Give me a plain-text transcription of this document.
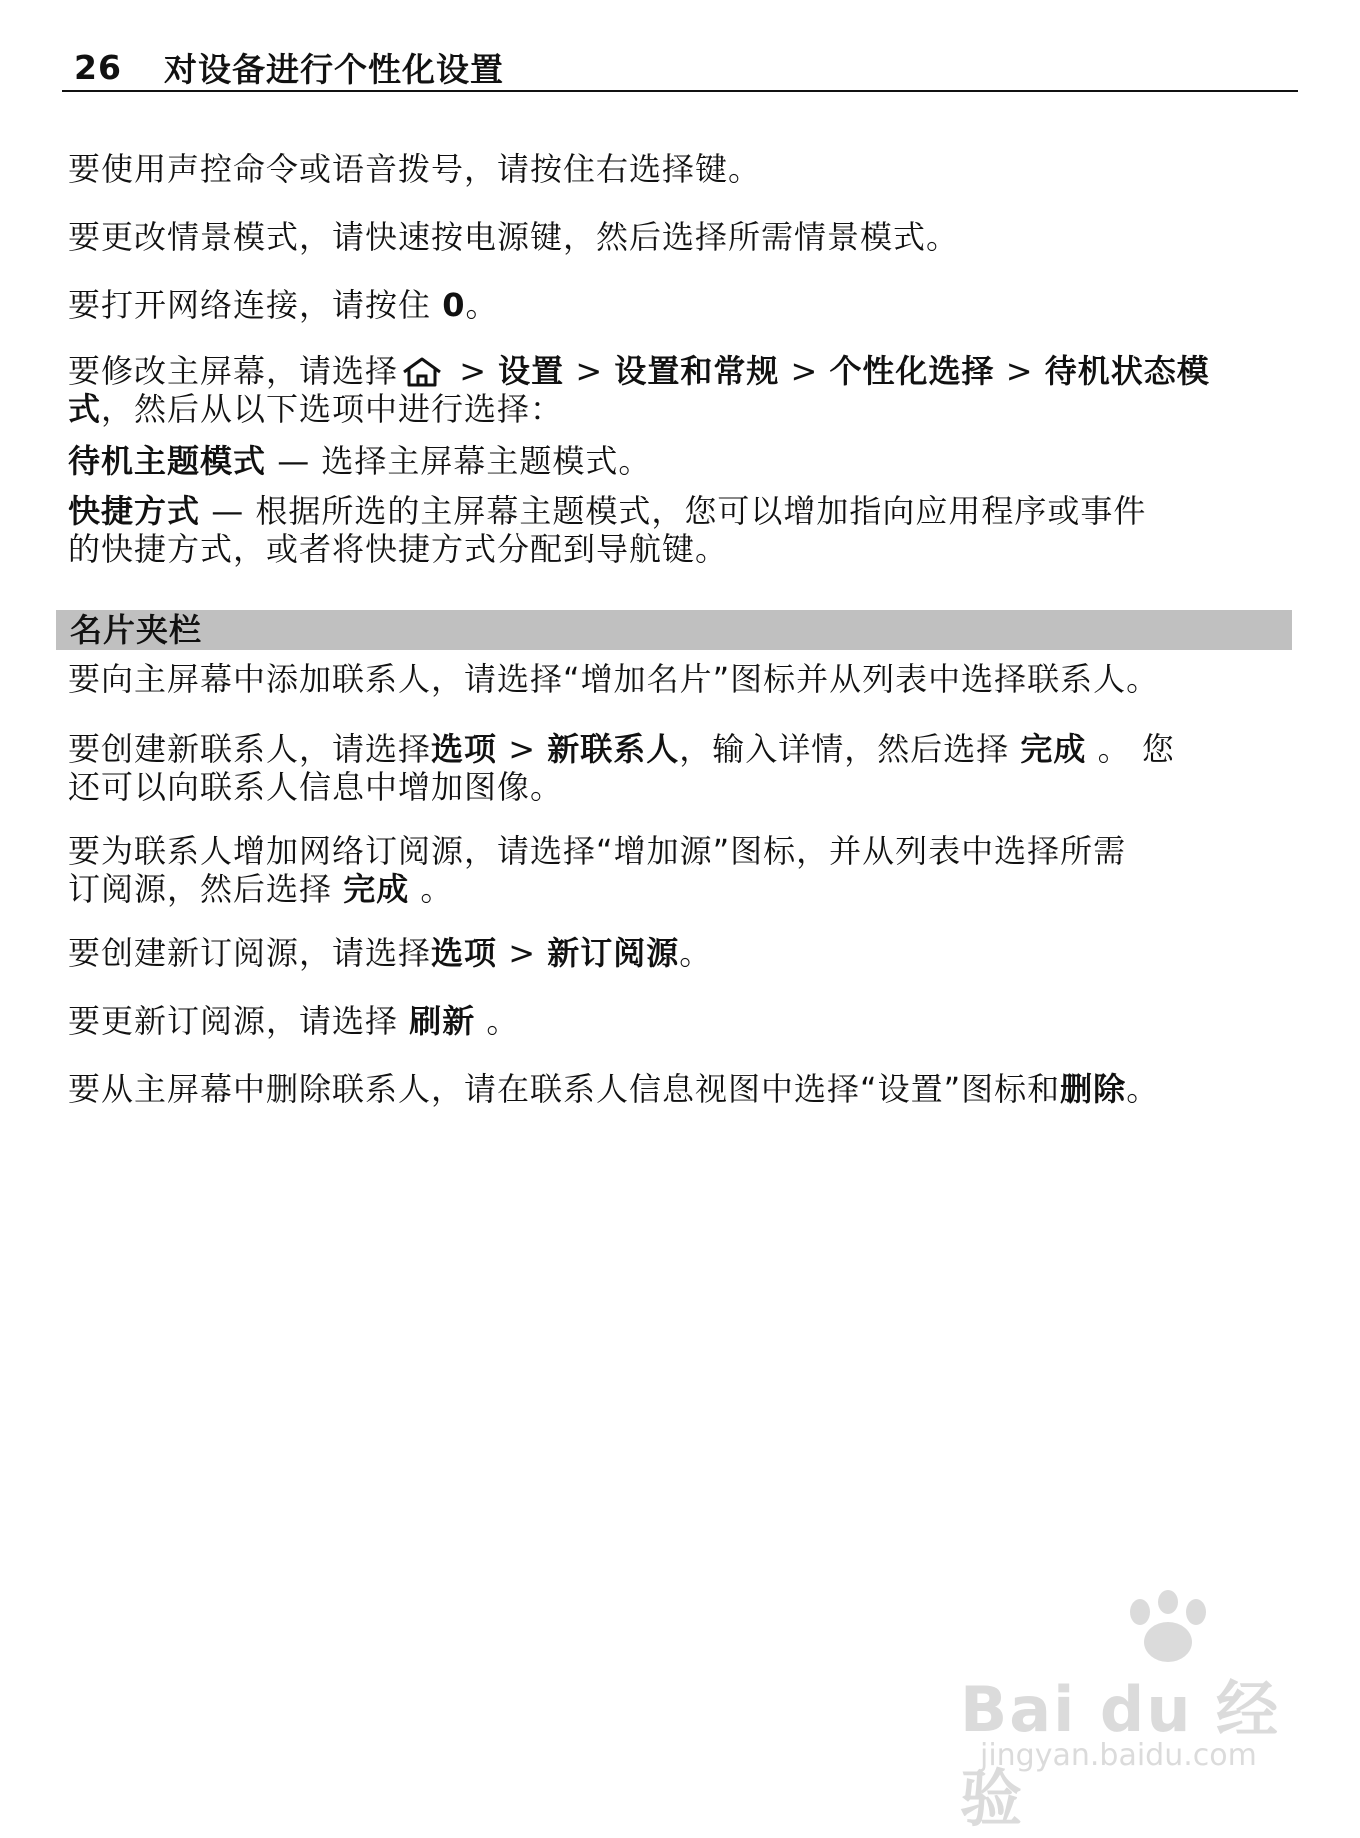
26 对设备进行个性化设置

要使用声控命令或语音拨号，请按住右选择键。

要更改情景模式，请快速按电源键，然后选择所需情景模式。

要打开网络连接，请按住 0。

要修改主屏幕，请选择 > 设置 > 设置和常规 > 个性化选择 > 待机状态模
式，然后从以下选项中进行选择：

待机主题模式 — 选择主屏幕主题模式。

快捷方式 — 根据所选的主屏幕主题模式，您可以增加指向应用程序或事件
的快捷方式，或者将快捷方式分配到导航键。

名片夹栏

要向主屏幕中添加联系人，请选择“增加名片”图标并从列表中选择联系人。

要创建新联系人，请选择选项 > 新联系人，输入详情，然后选择 完成 。 您
还可以向联系人信息中增加图像。

要为联系人增加网络订阅源，请选择“增加源”图标，并从列表中选择所需
订阅源，然后选择 完成 。

要创建新订阅源，请选择选项 > 新订阅源。

要更新订阅源，请选择 刷新 。

要从主屏幕中删除联系人，请在联系人信息视图中选择“设置”图标和删除。

Bai du 经验
jingyan.baidu.com
